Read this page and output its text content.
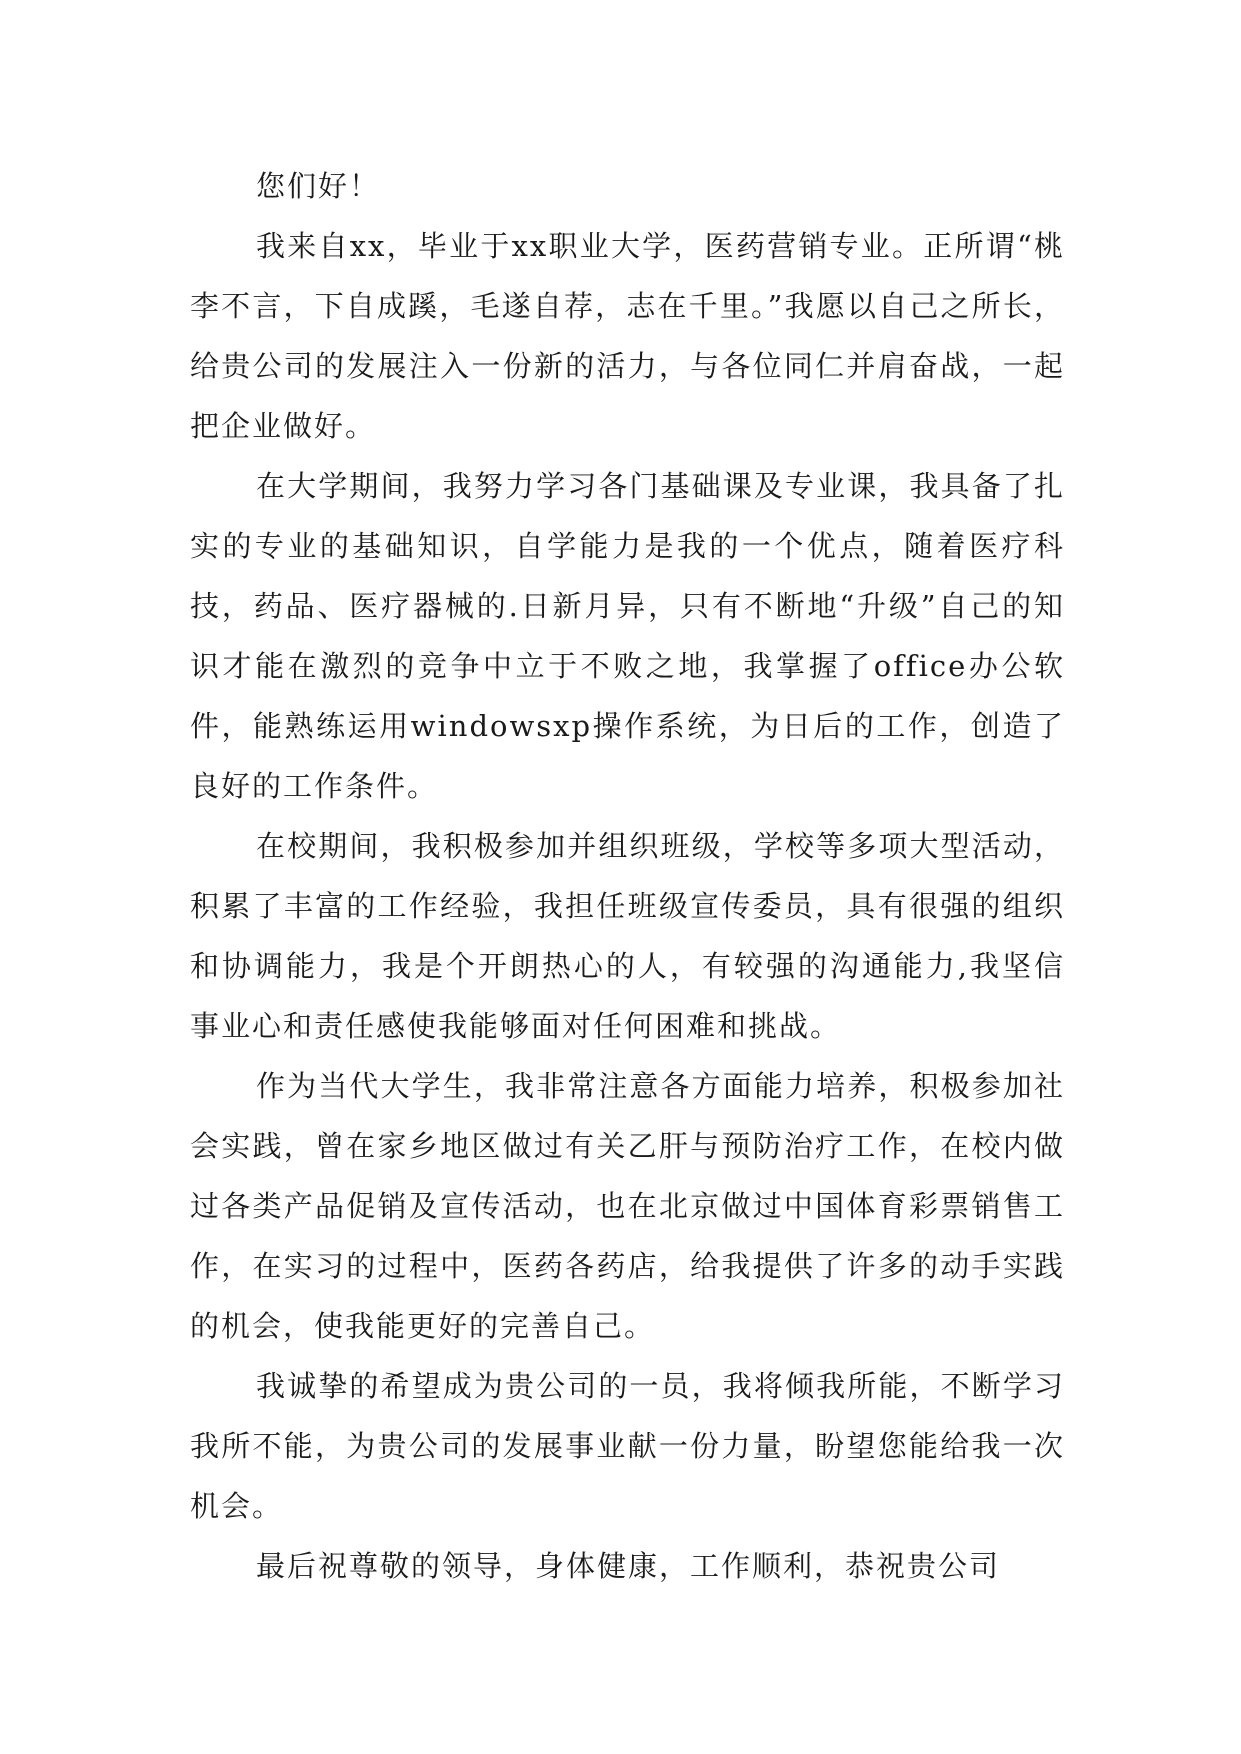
您们好！

我来自xx，毕业于xx职业大学，医药营销专业。正所谓“桃李不言，下自成蹊，毛遂自荐，志在千里。”我愿以自己之所长，给贵公司的发展注入一份新的活力，与各位同仁并肩奋战，一起把企业做好。

在大学期间，我努力学习各门基础课及专业课，我具备了扎实的专业的基础知识，自学能力是我的一个优点，随着医疗科技，药品、医疗器械的.日新月异，只有不断地“升级”自己的知识才能在激烈的竞争中立于不败之地，我掌握了office办公软件，能熟练运用windowsxp操作系统，为日后的工作，创造了良好的工作条件。

在校期间，我积极参加并组织班级，学校等多项大型活动，积累了丰富的工作经验，我担任班级宣传委员，具有很强的组织和协调能力，我是个开朗热心的人，有较强的沟通能力,我坚信事业心和责任感使我能够面对任何困难和挑战。

作为当代大学生，我非常注意各方面能力培养，积极参加社会实践，曾在家乡地区做过有关乙肝与预防治疗工作，在校内做过各类产品促销及宣传活动，也在北京做过中国体育彩票销售工作，在实习的过程中，医药各药店，给我提供了许多的动手实践的机会，使我能更好的完善自己。

我诚挚的希望成为贵公司的一员，我将倾我所能，不断学习我所不能，为贵公司的发展事业献一份力量，盼望您能给我一次机会。

最后祝尊敬的领导，身体健康，工作顺利，恭祝贵公司
